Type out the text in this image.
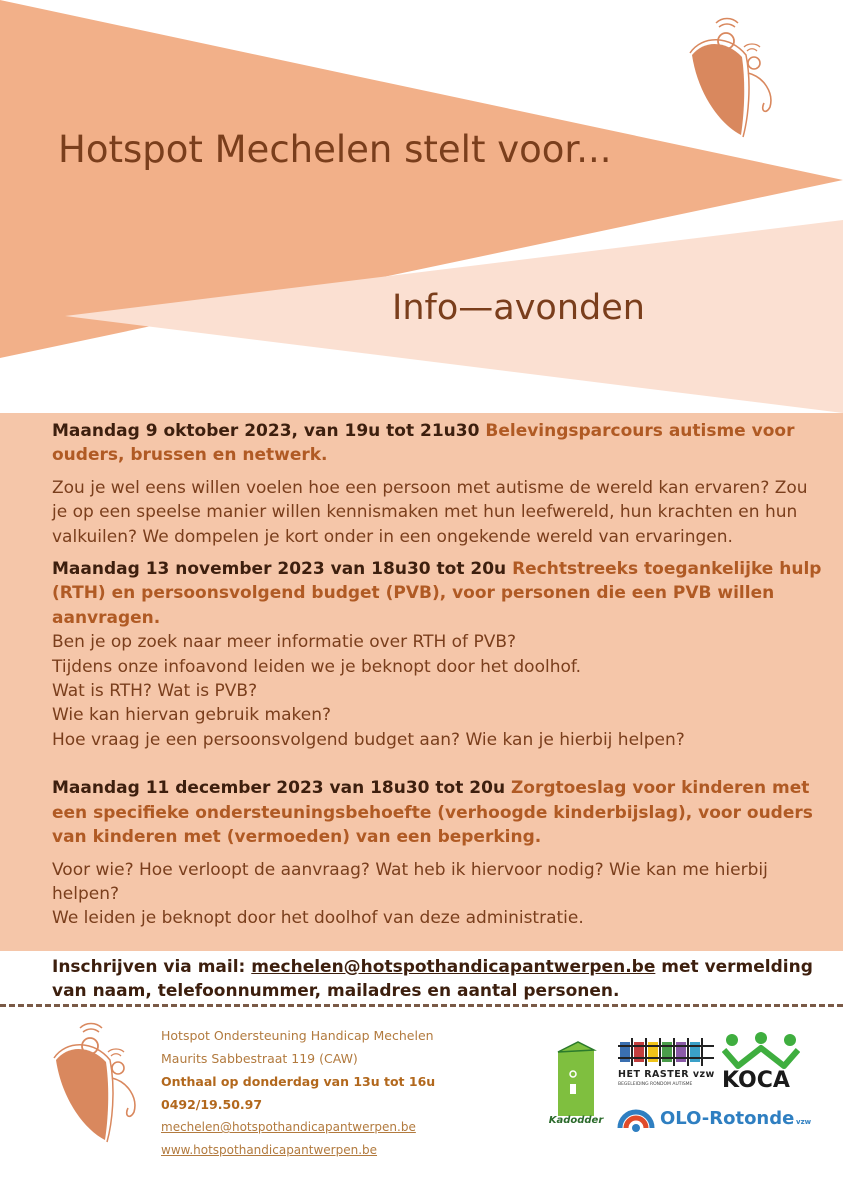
Hotspot Mechelen stelt voor...
Info—avonden

Maandag 9 oktober 2023, van 19u tot 21u30 Belevingsparcours autisme voor ouders, brussen en netwerk.

Zou je wel eens willen voelen hoe een persoon met autisme de wereld kan ervaren? Zou je op een speelse manier willen kennismaken met hun leefwereld, hun krachten en hun valkuilen? We dompelen je kort onder in een ongekende wereld van ervaringen.

Maandag 13 november 2023 van 18u30 tot 20u Rechtstreeks toegankelijke hulp (RTH) en persoonsvolgend budget (PVB), voor personen die een PVB willen aanvragen.

Ben je op zoek naar meer informatie over RTH of PVB?

Tijdens onze infoavond leiden we je beknopt door het doolhof.

Wat is RTH? Wat is PVB?

Wie kan hiervan gebruik maken?

Hoe vraag je een persoonsvolgend budget aan? Wie kan je hierbij helpen?

Maandag 11 december 2023 van 18u30 tot 20u Zorgtoeslag voor kinderen met een specifieke ondersteuningsbehoefte (verhoogde kinderbijslag), voor ouders van kinderen met (vermoeden) van een beperking.

Voor wie? Hoe verloopt de aanvraag? Wat heb ik hiervoor nodig? Wie kan me hierbij helpen?

We leiden je beknopt door het doolhof van deze administratie.

Inschrijven via mail: mechelen@hotspothandicapantwerpen.be met vermelding van naam, telefoonnummer, mailadres en aantal personen.

Hotspot Ondersteuning Handicap Mechelen
Maurits Sabbestraat 119 (CAW)
Onthaal op donderdag van 13u tot 16u
0492/19.50.97
mechelen@hotspothandicapantwerpen.be
www.hotspothandicapantwerpen.be
Kadodder
HET RASTER vzw
BEGELEIDING RONDOM AUTISME KOCA
OLO-Rotonde vzw
